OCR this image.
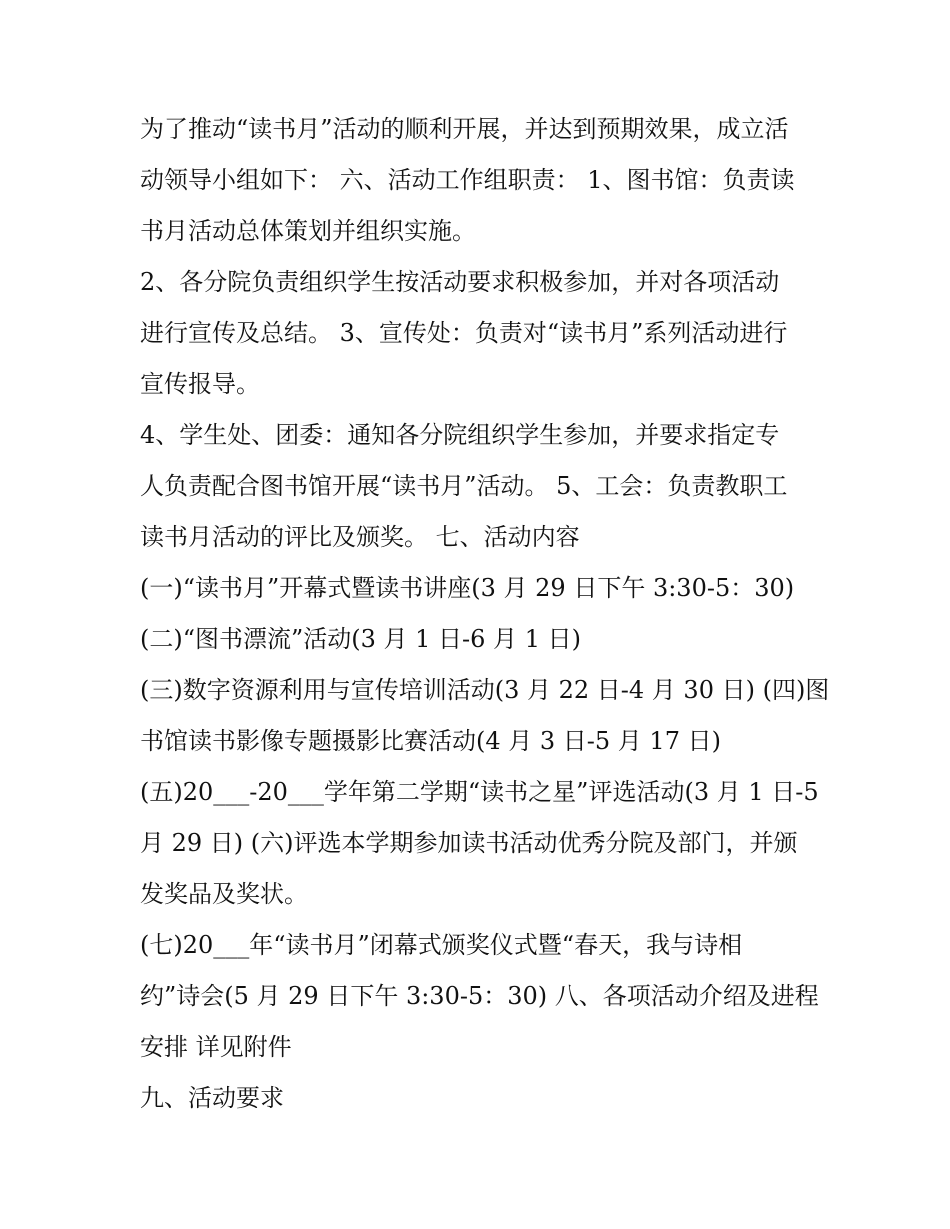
为了推动“读书月”活动的顺利开展，并达到预期效果，成立活
动领导小组如下： 六、活动工作组职责： 1、图书馆：负责读
书月活动总体策划并组织实施。

2、各分院负责组织学生按活动要求积极参加，并对各项活动
进行宣传及总结。 3、宣传处：负责对“读书月”系列活动进行
宣传报导。

4、学生处、团委：通知各分院组织学生参加，并要求指定专
人负责配合图书馆开展“读书月”活动。 5、工会：负责教职工
读书月活动的评比及颁奖。 七、活动内容

(一)“读书月”开幕式暨读书讲座(3 月 29 日下午 3:30-5：30)

(二)“图书漂流”活动(3 月 1 日-6 月 1 日)

(三)数字资源利用与宣传培训活动(3 月 22 日-4 月 30 日) (四)图
书馆读书影像专题摄影比赛活动(4 月 3 日-5 月 17 日)

(五)20___-20___学年第二学期“读书之星”评选活动(3 月 1 日-5
月 29 日) (六)评选本学期参加读书活动优秀分院及部门，并颁
发奖品及奖状。

(七)20___年“读书月”闭幕式颁奖仪式暨“春天，我与诗相
约”诗会(5 月 29 日下午 3:30-5：30) 八、各项活动介绍及进程
安排 详见附件

九、活动要求
